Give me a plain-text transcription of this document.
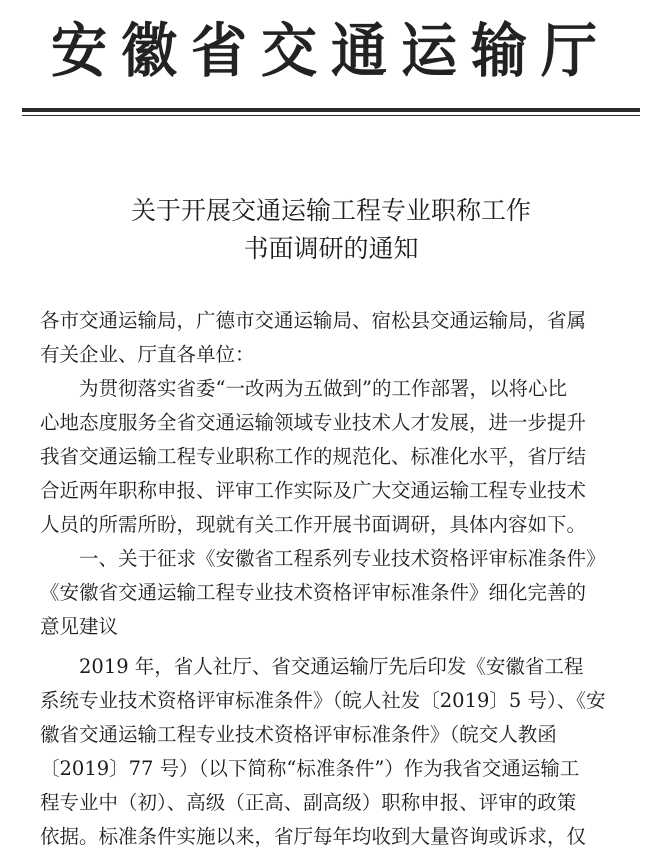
安徽省交通运输厅
关于开展交通运输工程专业职称工作
书面调研的通知
各市交通运输局，广德市交通运输局、宿松县交通运输局，省属
有关企业、厅直各单位：
　　为贯彻落实省委“一改两为五做到”的工作部署，以将心比
心地态度服务全省交通运输领域专业技术人才发展，进一步提升
我省交通运输工程专业职称工作的规范化、标准化水平，省厅结
合近两年职称申报、评审工作实际及广大交通运输工程专业技术
人员的所需所盼，现就有关工作开展书面调研，具体内容如下。
　　一、关于征求《安徽省工程系列专业技术资格评审标准条件》
《安徽省交通运输工程专业技术资格评审标准条件》细化完善的
意见建议
　　2019 年，省人社厅、省交通运输厅先后印发《安徽省工程
系统专业技术资格评审标准条件》（皖人社发〔2019〕5 号）、《安
徽省交通运输工程专业技术资格评审标准条件》（皖交人教函
〔2019〕77 号）（以下简称“标准条件”）作为我省交通运输工
程专业中（初）、高级（正高、副高级）职称申报、评审的政策
依据。标准条件实施以来，省厅每年均收到大量咨询或诉求，仅
